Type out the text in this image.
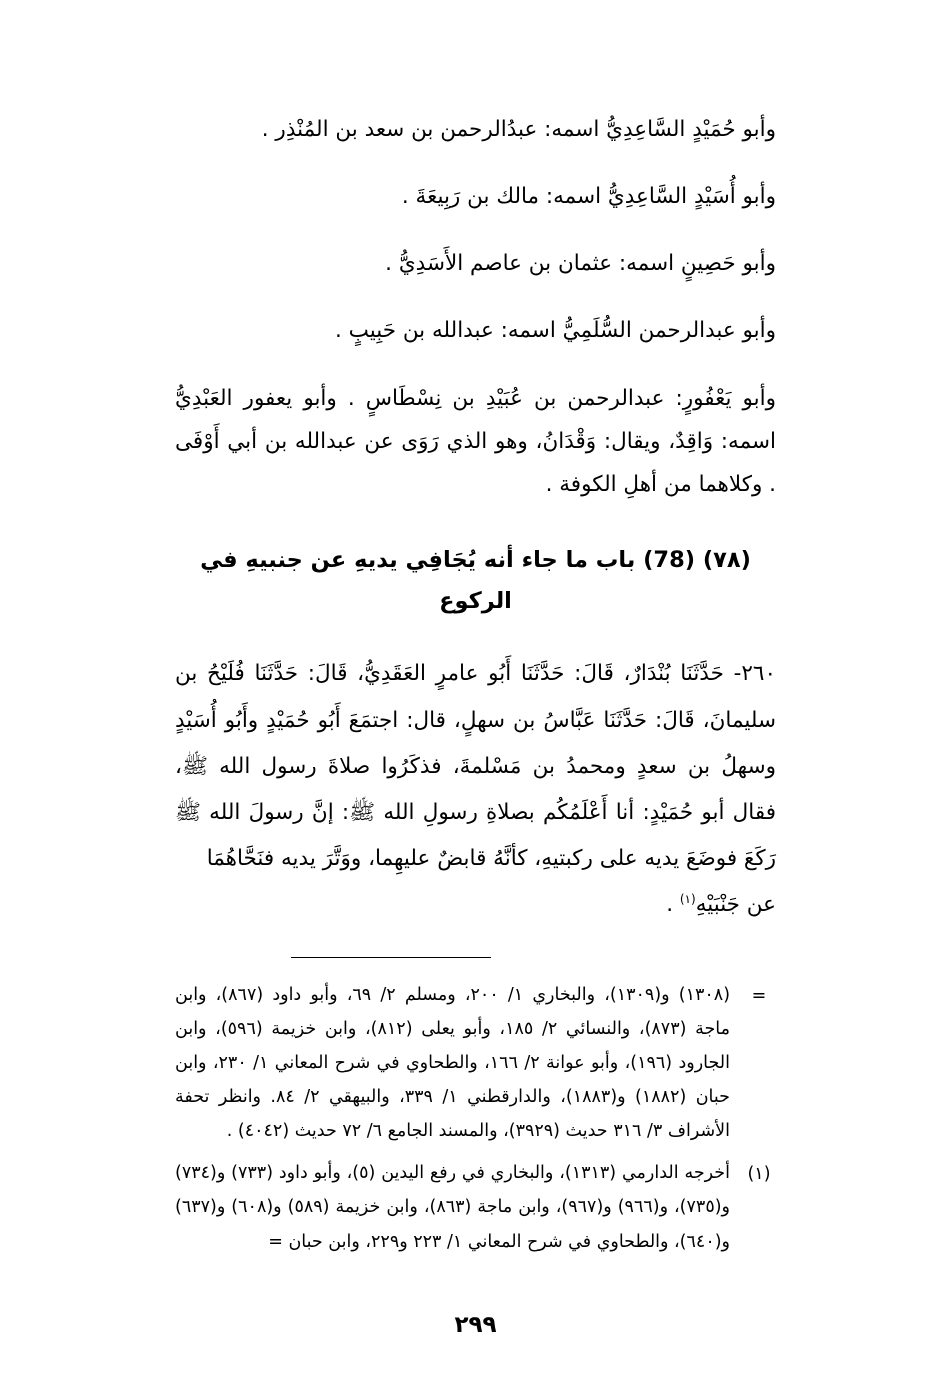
وأبو حُمَيْدٍ السَّاعِدِيُّ اسمه: عبدُالرحمن بن سعد بن المُنْذِر .

وأبو أُسَيْدٍ السَّاعِدِيُّ اسمه: مالك بن رَبِيعَةَ .

وأبو حَصِينٍ اسمه: عثمان بن عاصم الأَسَدِيُّ .

وأبو عبدالرحمن السُّلَمِيُّ اسمه: عبدالله بن حَبِيبٍ .

وأبو يَعْفُورٍ: عبدالرحمن بن عُبَيْدِ بن نِسْطَاسٍ . وأبو يعفور العَبْدِيُّ اسمه: وَاقِدٌ، ويقال: وَقْدَانُ، وهو الذي رَوَى عن عبدالله بن أبي أَوْفَى . وكلاهما من أهلِ الكوفة .

(٧٨) (78) باب ما جاء أنه يُجَافِي يديهِ عن جنبيهِ في الركوع
٢٦٠- حَدَّثَنَا بُنْدَارٌ، قَالَ: حَدَّثَنَا أَبُو عامرٍ العَقَدِيُّ، قَالَ: حَدَّثَنَا فُلَيْحُ بن سليمانَ، قَالَ: حَدَّثَنَا عَبَّاسُ بن سهلٍ، قال: اجتمَعَ أَبُو حُمَيْدٍ وأَبُو أُسَيْدٍ وسهلُ بن سعدٍ ومحمدُ بن مَسْلمةَ، فذكَرُوا صلاةَ رسول الله ﷺ، فقال أبو حُمَيْدٍ: أنا أَعْلَمُكُم بصلاةِ رسولِ الله ﷺ: إنَّ رسولَ الله ﷺ رَكَعَ فوضَعَ يديه على ركبتيهِ، كأنَّهُ قابضٌ عليهِما، ووَتَّرَ يديه فنَحَّاهُمَا
عن جَنْبَيْهِ$^{(١)}$ .
=
(١٣٠٨) و(١٣٠٩)، والبخاري ١/ ٢٠٠، ومسلم ٢/ ٦٩، وأبو داود (٨٦٧)، وابن ماجة (٨٧٣)، والنسائي ٢/ ١٨٥، وأبو يعلى (٨١٢)، وابن خزيمة (٥٩٦)، وابن الجارود (١٩٦)، وأبو عوانة ٢/ ١٦٦، والطحاوي في شرح المعاني ١/ ٢٣٠، وابن حبان (١٨٨٢) و(١٨٨٣)، والدارقطني ١/ ٣٣٩، والبيهقي ٢/ ٨٤. وانظر تحفة الأشراف ٣/ ٣١٦ حديث (٣٩٢٩)، والمسند الجامع ٦/ ٧٢ حديث (٤٠٤٢) .
(١)
أخرجه الدارمي (١٣١٣)، والبخاري في رفع اليدين (٥)، وأبو داود (٧٣٣) و(٧٣٤) و(٧٣٥)، و(٩٦٦) و(٩٦٧)، وابن ماجة (٨٦٣)، وابن خزيمة (٥٨٩) و(٦٠٨) و(٦٣٧) و(٦٤٠)، والطحاوي في شرح المعاني ١/ ٢٢٣ و٢٢٩، وابن حبان =
٢٩٩
